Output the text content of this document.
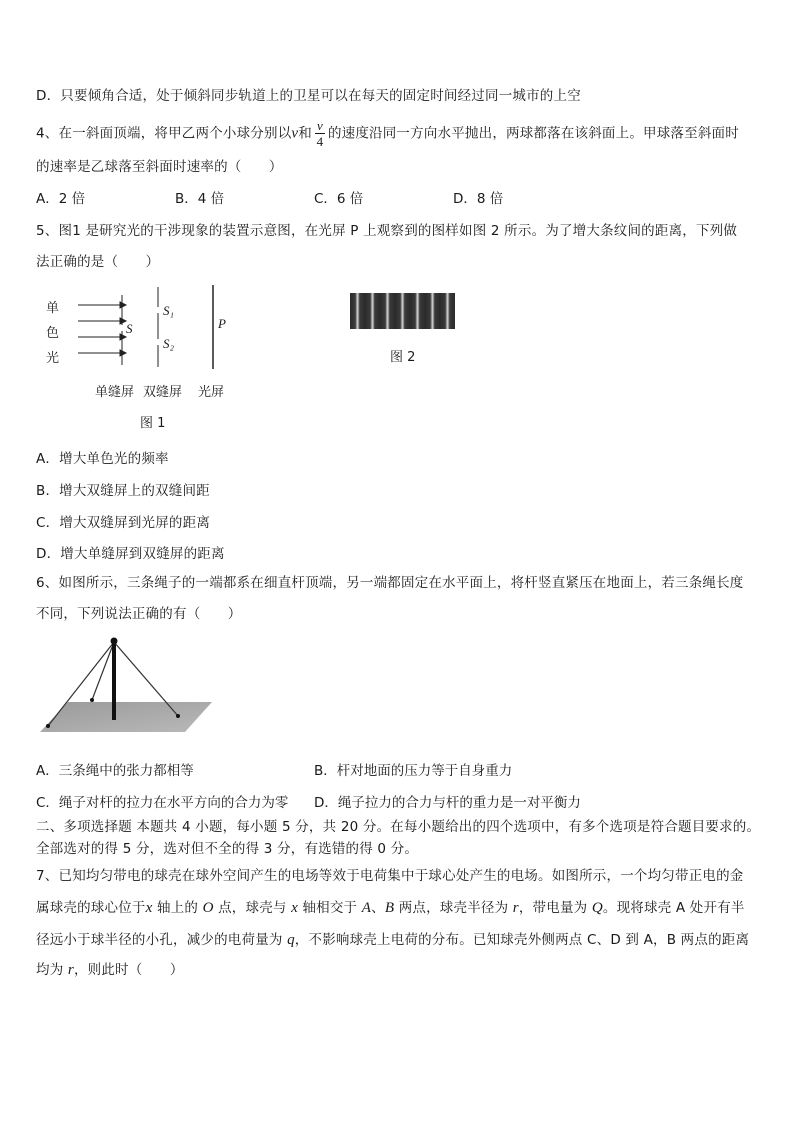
D．只要倾角合适，处于倾斜同步轨道上的卫星可以在每天的固定时间经过同一城市的上空
4、在一斜面顶端，将甲乙两个小球分别以v和 $\frac{v}{4}$ 的速度沿同一方向水平抛出，两球都落在该斜面上。甲球落至斜面时
的速率是乙球落至斜面时速率的（　　）
A．2 倍	B．4 倍	C．6 倍	D．8 倍
5、图1 是研究光的干涉现象的装置示意图，在光屏 P 上观察到的图样如图 2 所示。为了增大条纹间的距离，下列做
法正确的是（　　）
单
色
光
S
S₁
S₂
P
单缝屏 双缝屏 光屏
图 1
图 2
A．增大单色光的频率
B．增大双缝屏上的双缝间距
C．增大双缝屏到光屏的距离
D．增大单缝屏到双缝屏的距离
6、如图所示，三条绳子的一端都系在细直杆顶端，另一端都固定在水平面上，将杆竖直紧压在地面上，若三条绳长度
不同，下列说法正确的有（　　）
A．三条绳中的张力都相等	B．杆对地面的压力等于自身重力
C．绳子对杆的拉力在水平方向的合力为零 D．绳子拉力的合力与杆的重力是一对平衡力
二、多项选择题 本题共 4 小题，每小题 5 分，共 20 分。在每小题给出的四个选项中，有多个选项是符合题目要求的。
全部选对的得 5 分，选对但不全的得 3 分，有选错的得 0 分。
7、已知均匀带电的球壳在球外空间产生的电场等效于电荷集中于球心处产生的电场。如图所示，一个均匀带正电的金
属球壳的球心位于x 轴上的 O 点，球壳与 x 轴相交于 A、B 两点，球壳半径为 r，带电量为 Q。现将球壳 A 处开有半
径远小于球半径的小孔，减少的电荷量为 q，不影响球壳上电荷的分布。已知球壳外侧两点 C、D 到 A，B 两点的距离
均为 r，则此时（　　）
